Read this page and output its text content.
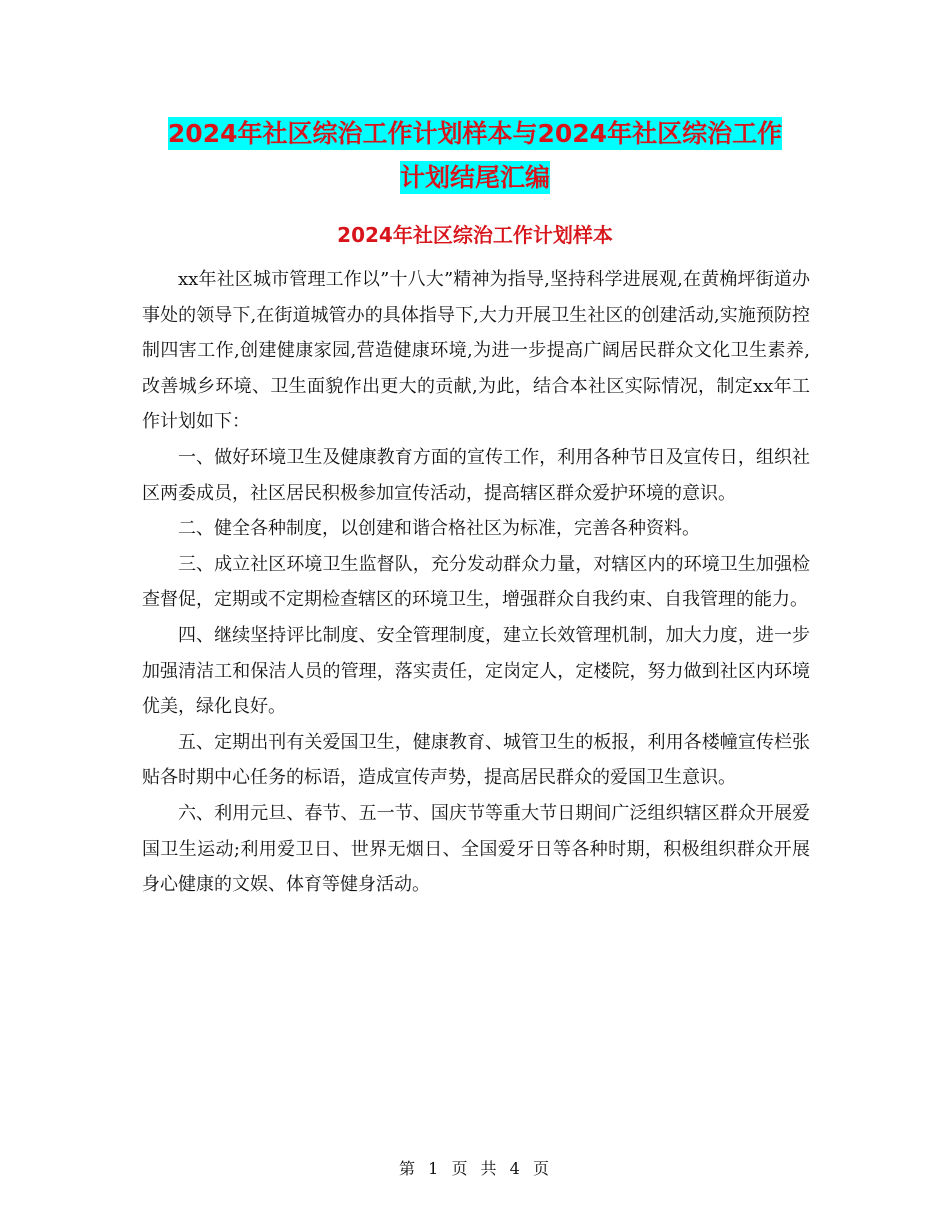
2024年社区综治工作计划样本与2024年社区综治工作
计划结尾汇编
2024年社区综治工作计划样本

xx年社区城市管理工作以”十八大”精神为指导,坚持科学进展观,在黄桷坪街道办事处的领导下,在街道城管办的具体指导下,大力开展卫生社区的创建活动,实施预防控制四害工作,创建健康家园,营造健康环境,为进一步提高广阔居民群众文化卫生素养,改善城乡环境、卫生面貌作出更大的贡献,为此，结合本社区实际情况，制定xx年工作计划如下：

一、做好环境卫生及健康教育方面的宣传工作，利用各种节日及宣传日，组织社区两委成员，社区居民积极参加宣传活动，提高辖区群众爱护环境的意识。

二、健全各种制度，以创建和谐合格社区为标准，完善各种资料。

三、成立社区环境卫生监督队，充分发动群众力量，对辖区内的环境卫生加强检查督促，定期或不定期检查辖区的环境卫生，增强群众自我约束、自我管理的能力。

四、继续坚持评比制度、安全管理制度，建立长效管理机制，加大力度，进一步加强清洁工和保洁人员的管理，落实责任，定岗定人，定楼院，努力做到社区内环境优美，绿化良好。

五、定期出刊有关爱国卫生，健康教育、城管卫生的板报，利用各楼幢宣传栏张贴各时期中心任务的标语，造成宣传声势，提高居民群众的爱国卫生意识。

六、利用元旦、春节、五一节、国庆节等重大节日期间广泛组织辖区群众开展爱国卫生运动;利用爱卫日、世界无烟日、全国爱牙日等各种时期，积极组织群众开展身心健康的文娱、体育等健身活动。

第 1 页 共 4 页
